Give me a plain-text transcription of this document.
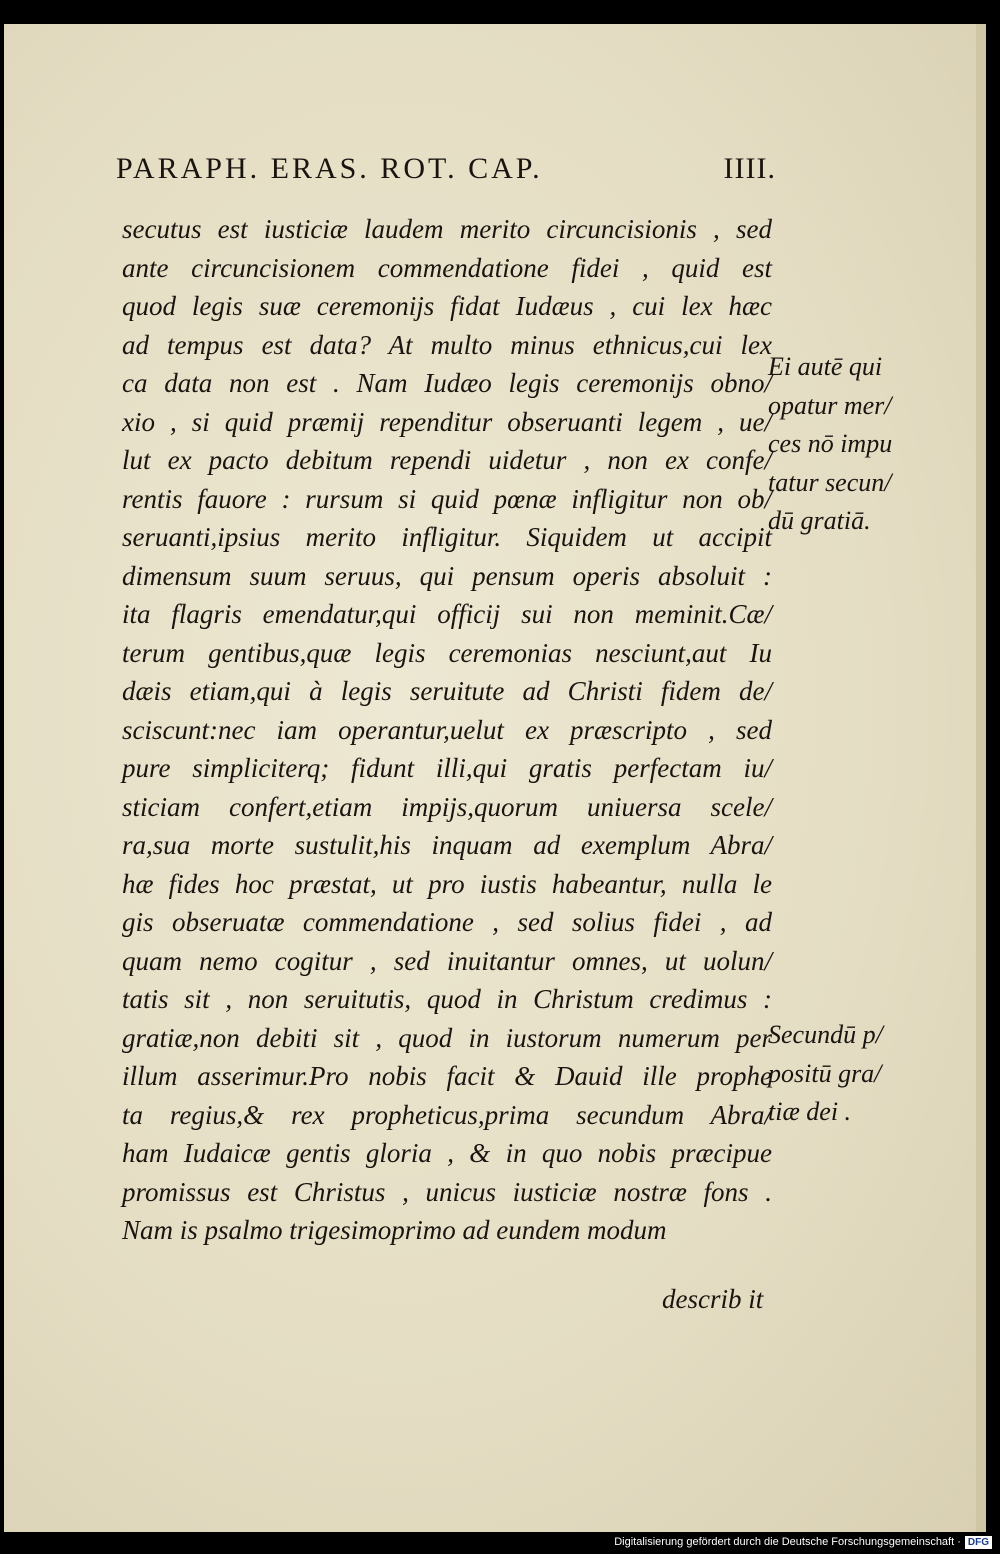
PARAPH. ERAS. ROT. CAP.	IIII.
secutus est iusticiæ laudem merito circuncisionis , sed
ante circuncisionem commendatione fidei , quid est
quod legis suæ ceremonijs fidat Iudæus , cui lex hæc
ad tempus est data? At multo minus ethnicus,cui lex
ca data non est . Nam Iudæo legis ceremonijs obno/
xio , si quid præmij rependitur obseruanti legem , ue/
lut ex pacto debitum rependi uidetur , non ex confe/
rentis fauore : rursum si quid pœnæ infligitur non ob/
seruanti,ipsius merito infligitur. Siquidem ut accipit
dimensum suum seruus, qui pensum operis absoluit :
ita flagris emendatur,qui officij sui non meminit.Cæ/
terum gentibus,quæ legis ceremonias nesciunt,aut Iu
dæis etiam,qui à legis seruitute ad Christi fidem de/
sciscunt:nec iam operantur,uelut ex præscripto , sed
pure simpliciterq; fidunt illi,qui gratis perfectam iu/
sticiam confert,etiam impijs,quorum uniuersa scele/
ra,sua morte sustulit,his inquam ad exemplum Abra/
hæ fides hoc præstat, ut pro iustis habeantur, nulla le
gis obseruatæ commendatione , sed solius fidei , ad
quam nemo cogitur , sed inuitantur omnes, ut uolun/
tatis sit , non seruitutis, quod in Christum credimus :
gratiæ,non debiti sit , quod in iustorum numerum per
illum asserimur.Pro nobis facit & Dauid ille prophe
ta regius,& rex propheticus,prima secundum Abra/
ham Iudaicæ gentis gloria , & in quo nobis præcipue
promissus est Christus , unicus iusticiæ nostræ fons .
Nam is psalmo trigesimoprimo ad eundem modum
describ it
Ei autē qui
opatur mer/
ces nō impu
tatur secun/
dū gratiā.
Secundū p/
positū gra/
tiæ dei .
Digitalisierung gefördert durch die Deutsche Forschungsgemeinschaft · DFG
